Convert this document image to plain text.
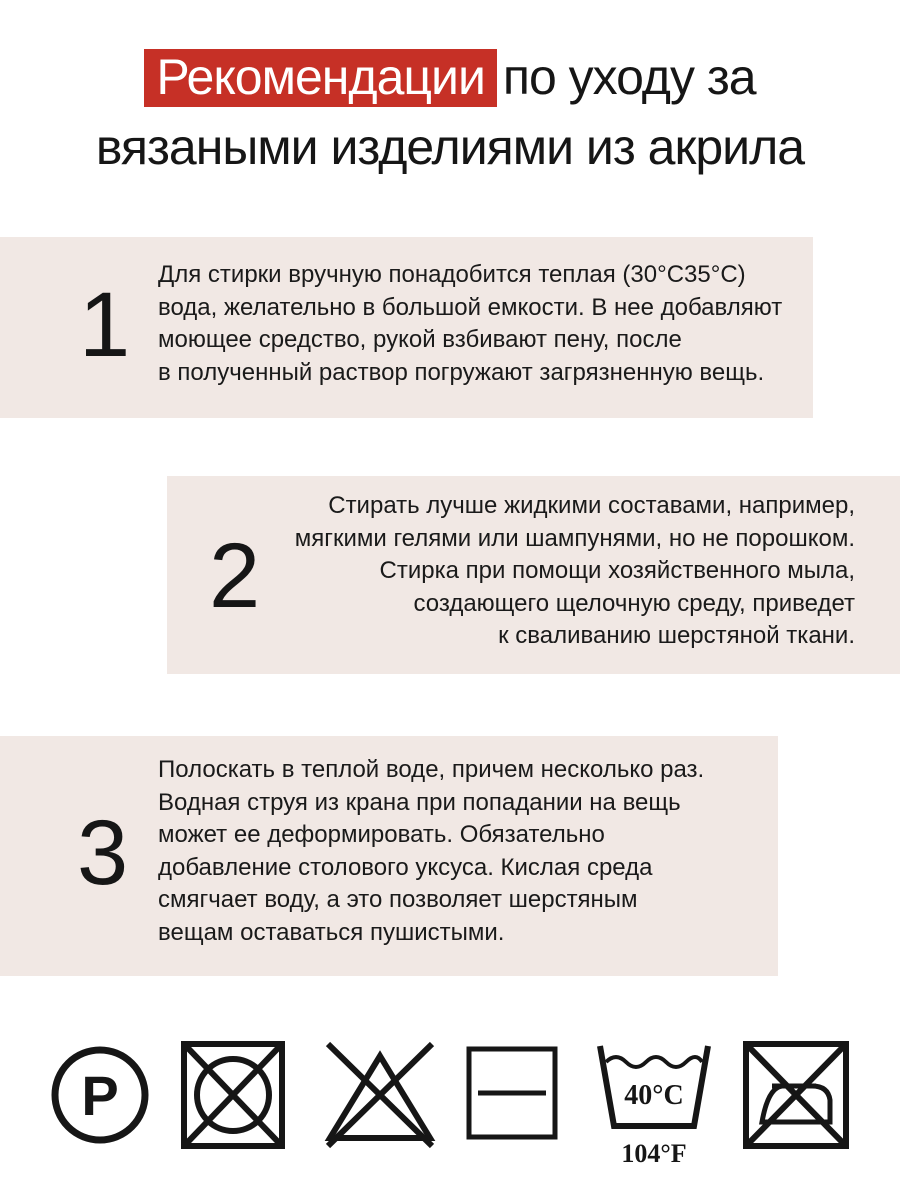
Рекомендации по уходу за
вязаными изделиями из акрила
1 Для стирки вручную понадобится теплая (30°С35°С)
вода, желательно в большой емкости. В нее добавляют
моющее средство, рукой взбивают пену, после
в полученный раствор погружают загрязненную вещь.
2
Стирать лучше жидкими составами, например,
мягкими гелями или шампунями, но не порошком.
Стирка при помощи хозяйственного мыла,
создающего щелочную среду, приведет
к сваливанию шерстяной ткани.
3
Полоскать в теплой воде, причем несколько раз.
Водная струя из крана при попадании на вещь
может ее деформировать. Обязательно
добавление столового уксуса. Кислая среда
смягчает воду, а это позволяет шерстяным
вещам оставаться пушистыми.
P	40°C
104°F
